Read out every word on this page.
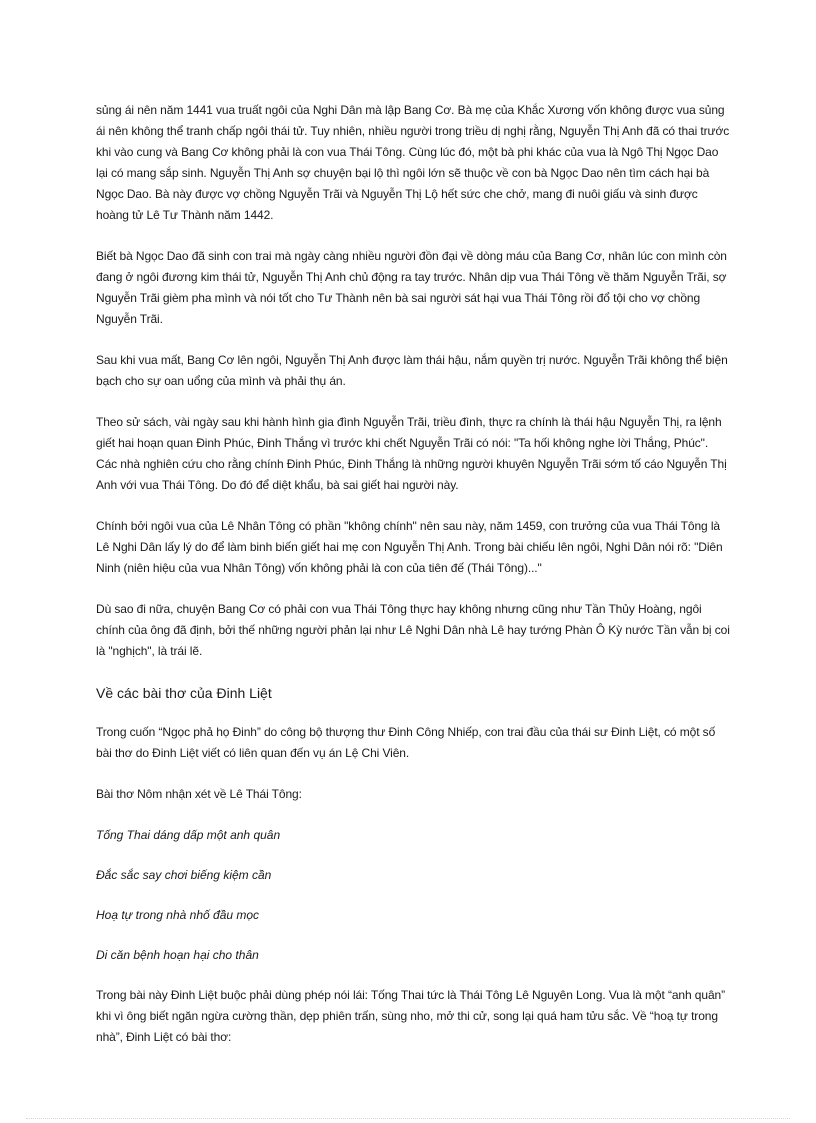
sủng ái nên năm 1441 vua truất ngôi của Nghi Dân mà lập Bang Cơ. Bà mẹ của Khắc Xương vốn không được vua sủng ái nên không thể tranh chấp ngôi thái tử. Tuy nhiên, nhiều người trong triều dị nghị rằng, Nguyễn Thị Anh đã có thai trước khi vào cung và Bang Cơ không phải là con vua Thái Tông. Cùng lúc đó, một bà phi khác của vua là Ngô Thị Ngọc Dao lại có mang sắp sinh. Nguyễn Thị Anh sợ chuyện bại lộ thì ngôi lớn sẽ thuộc về con bà Ngọc Dao nên tìm cách hại bà Ngọc Dao. Bà này được vợ chồng Nguyễn Trãi và Nguyễn Thị Lộ hết sức che chở, mang đi nuôi giấu và sinh được hoàng tử Lê Tư Thành năm 1442.

Biết bà Ngọc Dao đã sinh con trai mà ngày càng nhiều người đồn đại về dòng máu của Bang Cơ, nhân lúc con mình còn đang ở ngôi đương kim thái tử, Nguyễn Thị Anh chủ động ra tay trước. Nhân dịp vua Thái Tông về thăm Nguyễn Trãi, sợ Nguyễn Trãi gièm pha mình và nói tốt cho Tư Thành nên bà sai người sát hại vua Thái Tông rồi đổ tội cho vợ chồng Nguyễn Trãi.

Sau khi vua mất, Bang Cơ lên ngôi, Nguyễn Thị Anh được làm thái hậu, nắm quyền trị nước. Nguyễn Trãi không thể biện bạch cho sự oan uổng của mình và phải thụ án.

Theo sử sách, vài ngày sau khi hành hình gia đình Nguyễn Trãi, triều đình, thực ra chính là thái hậu Nguyễn Thị, ra lệnh giết hai hoạn quan Đinh Phúc, Đinh Thắng vì trước khi chết Nguyễn Trãi có nói: "Ta hối không nghe lời Thắng, Phúc". Các nhà nghiên cứu cho rằng chính Đinh Phúc, Đinh Thắng là những người khuyên Nguyễn Trãi sớm tố cáo Nguyễn Thị Anh với vua Thái Tông. Do đó để diệt khẩu, bà sai giết hai người này.

Chính bởi ngôi vua của Lê Nhân Tông có phần "không chính" nên sau này, năm 1459, con trưởng của vua Thái Tông là Lê Nghi Dân lấy lý do để làm binh biến giết hai mẹ con Nguyễn Thị Anh. Trong bài chiếu lên ngôi, Nghi Dân nói rõ: "Diên Ninh (niên hiệu của vua Nhân Tông) vốn không phải là con của tiên đế (Thái Tông)..."

Dù sao đi nữa, chuyện Bang Cơ có phải con vua Thái Tông thực hay không nhưng cũng như Tần Thủy Hoàng, ngôi chính của ông đã định, bởi thế những người phản lại như Lê Nghi Dân nhà Lê hay tướng Phàn Ô Kỳ nước Tần vẫn bị coi là "nghịch", là trái lẽ.

Về các bài thơ của Đinh Liệt

Trong cuốn “Ngọc phả họ Đinh” do công bộ thượng thư Đinh Công Nhiếp, con trai đầu của thái sư Đinh Liệt, có một số bài thơ do Đinh Liệt viết có liên quan đến vụ án Lệ Chi Viên.

Bài thơ Nôm nhận xét về Lê Thái Tông:

Tống Thai dáng dấp một anh quân

Đắc sắc say chơi biếng kiệm cần

Hoạ tự trong nhà nhố đầu mọc

Di căn bệnh hoạn hại cho thân

Trong bài này Đinh Liệt buộc phải dùng phép nói lái: Tống Thai tức là Thái Tông Lê Nguyên Long. Vua là một “anh quân” khi vì ông biết ngăn ngừa cường thần, dẹp phiên trấn, sùng nho, mở thi cử, song lại quá ham tửu sắc. Về “hoạ tự trong nhà”, Đinh Liệt có bài thơ:
